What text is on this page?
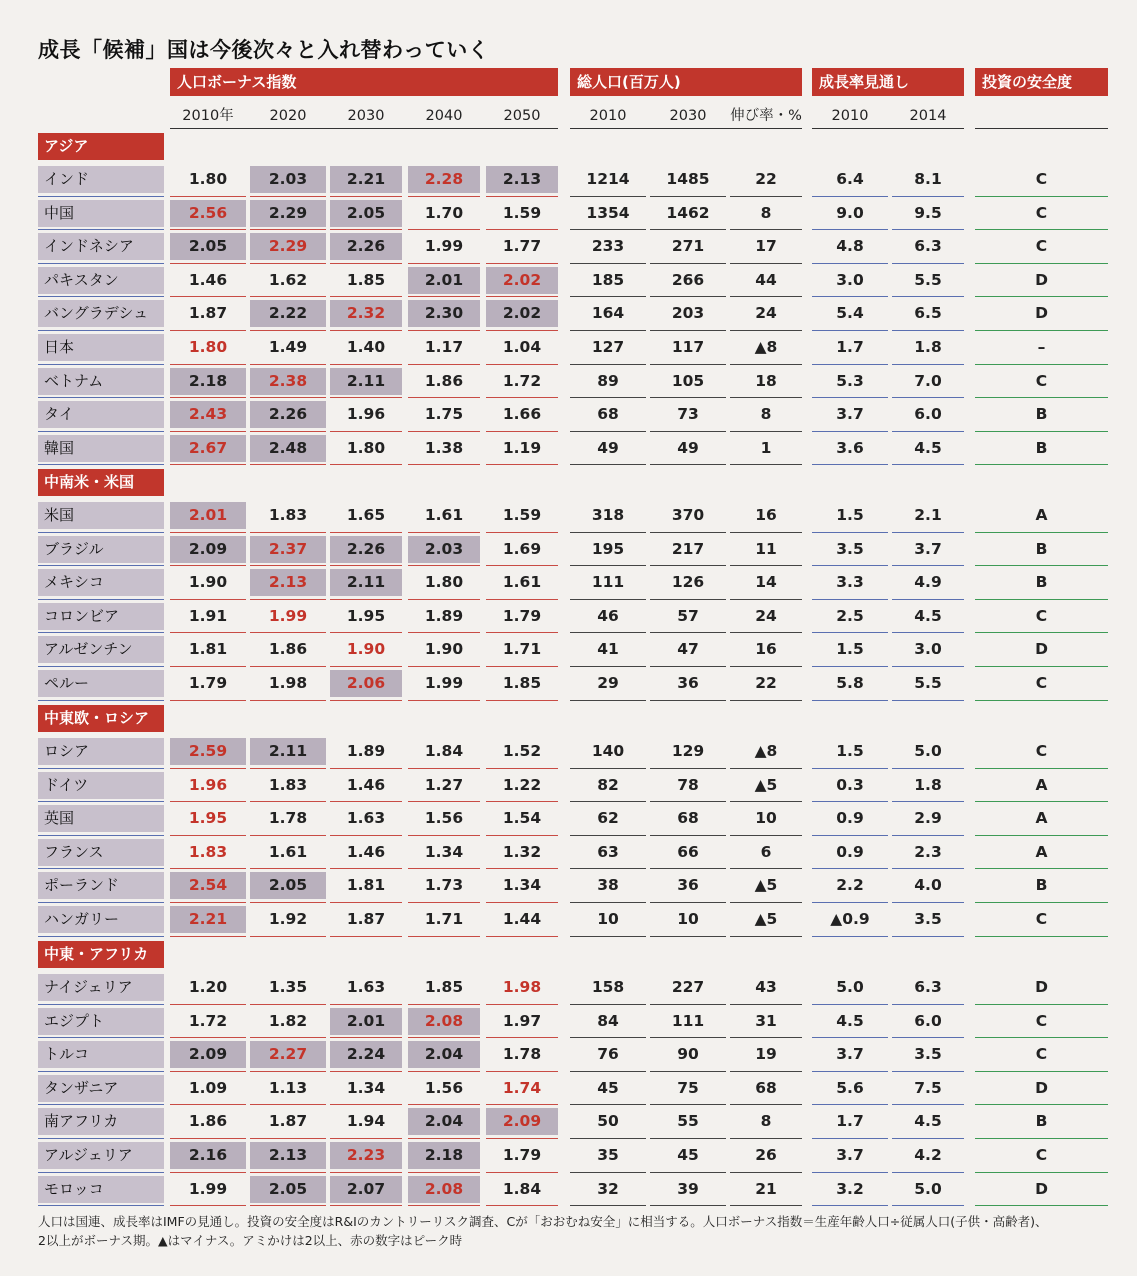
成長「候補」国は今後次々と入れ替わっていく
人口ボーナス指数	総人口(百万人)	成長率見通し	投資の安全度
2010年	2020	2030	2040	2050	2010	2030	伸び率・%	2010	2014
アジア
インド	1.80	2.03	2.21	2.28	2.13	1214	1485	22	6.4	8.1	C
中国	2.56	2.29	2.05	1.70	1.59	1354	1462	8	9.0	9.5	C
インドネシア	2.05	2.29	2.26	1.99	1.77	233	271	17	4.8	6.3	C
パキスタン	1.46	1.62	1.85	2.01	2.02	185	266	44	3.0	5.5	D
バングラデシュ	1.87	2.22	2.32	2.30	2.02	164	203	24	5.4	6.5	D
日本	1.80	1.49	1.40	1.17	1.04	127	117	▲8	1.7	1.8	–
ベトナム	2.18	2.38	2.11	1.86	1.72	89	105	18	5.3	7.0	C
タイ	2.43	2.26	1.96	1.75	1.66	68	73	8	3.7	6.0	B
韓国	2.67	2.48	1.80	1.38	1.19	49	49	1	3.6	4.5	B
中南米・米国
米国	2.01	1.83	1.65	1.61	1.59	318	370	16	1.5	2.1	A
ブラジル	2.09	2.37	2.26	2.03	1.69	195	217	11	3.5	3.7	B
メキシコ	1.90	2.13	2.11	1.80	1.61	111	126	14	3.3	4.9	B
コロンビア	1.91	1.99	1.95	1.89	1.79	46	57	24	2.5	4.5	C
アルゼンチン	1.81	1.86	1.90	1.90	1.71	41	47	16	1.5	3.0	D
ペルー	1.79	1.98	2.06	1.99	1.85	29	36	22	5.8	5.5	C
中東欧・ロシア
ロシア	2.59	2.11	1.89	1.84	1.52	140	129	▲8	1.5	5.0	C
ドイツ	1.96	1.83	1.46	1.27	1.22	82	78	▲5	0.3	1.8	A
英国	1.95	1.78	1.63	1.56	1.54	62	68	10	0.9	2.9	A
フランス	1.83	1.61	1.46	1.34	1.32	63	66	6	0.9	2.3	A
ポーランド	2.54	2.05	1.81	1.73	1.34	38	36	▲5	2.2	4.0	B
ハンガリー	2.21	1.92	1.87	1.71	1.44	10	10	▲5	▲0.9	3.5	C
中東・アフリカ
ナイジェリア	1.20	1.35	1.63	1.85	1.98	158	227	43	5.0	6.3	D
エジプト	1.72	1.82	2.01	2.08	1.97	84	111	31	4.5	6.0	C
トルコ	2.09	2.27	2.24	2.04	1.78	76	90	19	3.7	3.5	C
タンザニア	1.09	1.13	1.34	1.56	1.74	45	75	68	5.6	7.5	D
南アフリカ	1.86	1.87	1.94	2.04	2.09	50	55	8	1.7	4.5	B
アルジェリア	2.16	2.13	2.23	2.18	1.79	35	45	26	3.7	4.2	C
モロッコ	1.99	2.05	2.07	2.08	1.84	32	39	21	3.2	5.0	D
人口は国連、成長率はIMFの見通し。投資の安全度はR&Iのカントリーリスク調査、Cが「おおむね安全」に相当する。人口ボーナス指数＝生産年齢人口÷従属人口(子供・高齢者)、
2以上がボーナス期。▲はマイナス。アミかけは2以上、赤の数字はピーク時
